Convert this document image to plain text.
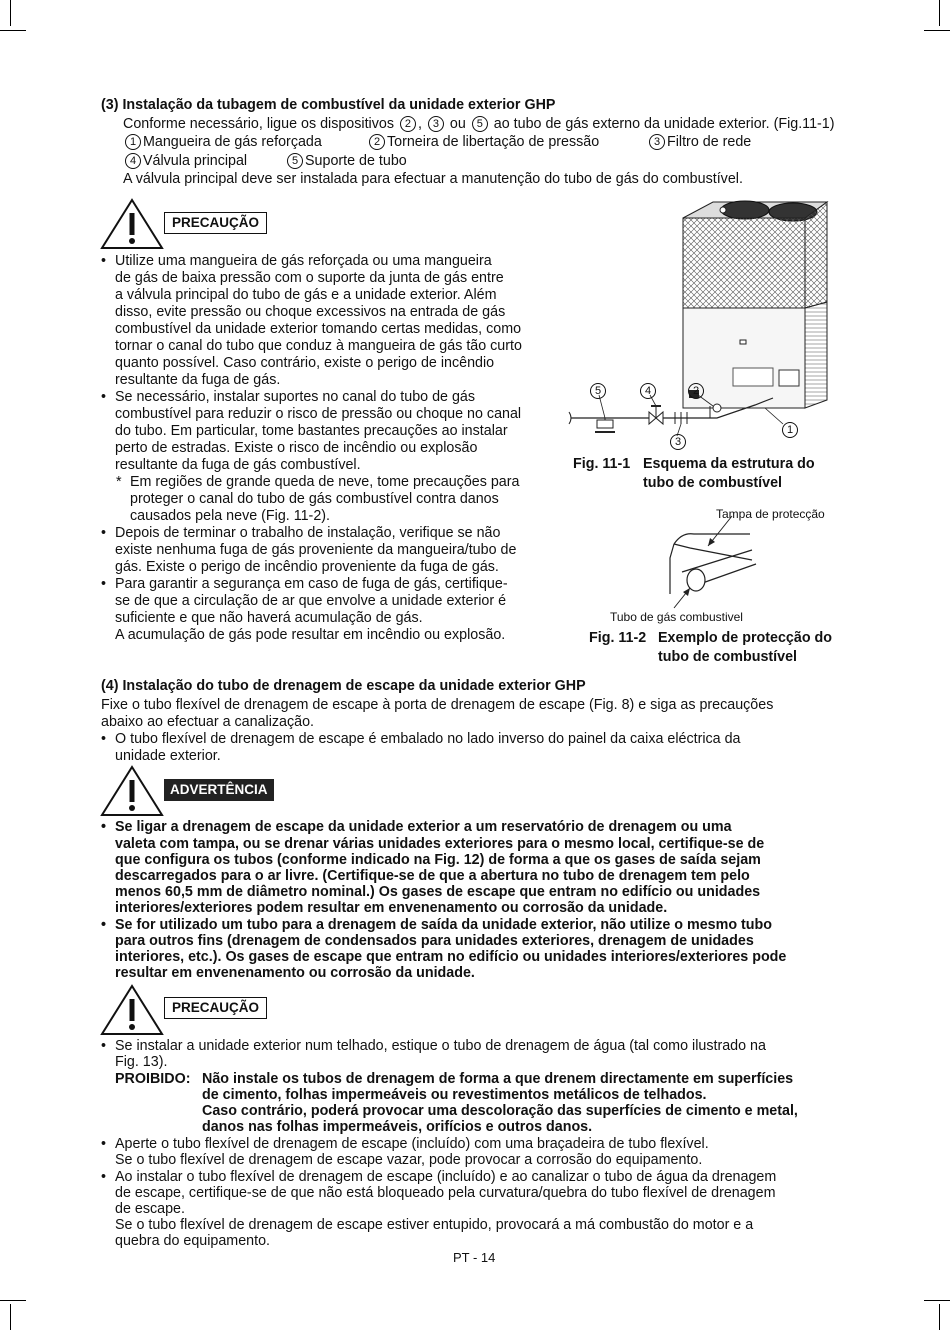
(3) Instalação da tubagem de combustível da unidade exterior GHP
Conforme necessário, ligue os dispositivos 2 , 3 ou 5 ao tubo de gás externo da unidade exterior. (Fig.11-1)
1 Mangueira de gás reforçada	2 Torneira de libertação de pressão	3 Filtro de rede
4 Válvula principal	5 Suporte de tubo
A válvula principal deve ser instalada para efectuar a manutenção do tubo de gás do combustível.
PRECAUÇÃO
• Utilize uma mangueira de gás reforçada ou uma mangueira
de gás de baixa pressão com o suporte da junta de gás entre
a válvula principal do tubo de gás e a unidade exterior. Além
disso, evite pressão ou choque excessivos na entrada de gás
combustível da unidade exterior tomando certas medidas, como
tornar o canal do tubo que conduz à mangueira de gás tão curto
quanto possível. Caso contrário, existe o perigo de incêndio
resultante da fuga de gás.
• Se necessário, instalar suportes no canal do tubo de gás
combustível para reduzir o risco de pressão ou choque no canal
do tubo. Em particular, tome bastantes precauções ao instalar
perto de estradas. Existe o risco de incêndio ou explosão
resultante da fuga de gás combustível.
* Em regiões de grande queda de neve, tome precauções para
proteger o canal do tubo de gás combustível contra danos
causados pela neve (Fig. 11-2).
• Depois de terminar o trabalho de instalação, verifique se não
existe nenhuma fuga de gás proveniente da mangueira/tubo de
gás. Existe o perigo de incêndio proveniente da fuga de gás.
• Para garantir a segurança em caso de fuga de gás, certifique-
se de que a circulação de ar que envolve a unidade exterior é
suficiente e que não haverá acumulação de gás.
A acumulação de gás pode resultar em incêndio ou explosão.
5	4	2
3
1
Fig. 11-1 Esquema da estrutura do
tubo de combustível
Tampa de protecção
Tubo de gás combustivel
Fig. 11-2 Exemplo de protecção do
tubo de combustível
(4) Instalação do tubo de drenagem de escape da unidade exterior GHP
Fixe o tubo flexível de drenagem de escape à porta de drenagem de escape (Fig. 8) e siga as precauções
abaixo ao efectuar a canalização.
• O tubo flexível de drenagem de escape é embalado no lado inverso do painel da caixa eléctrica da
unidade exterior.
ADVERTÊNCIA
• Se ligar a drenagem de escape da unidade exterior a um reservatório de drenagem ou uma
valeta com tampa, ou se drenar várias unidades exteriores para o mesmo local, certifique-se de
que configura os tubos (conforme indicado na Fig. 12) de forma a que os gases de saída sejam
descarregados para o ar livre. (Certifique-se de que a abertura no tubo de drenagem tem pelo
menos 60,5 mm de diâmetro nominal.) Os gases de escape que entram no edifício ou unidades
interiores/exteriores podem resultar em envenenamento ou corrosão da unidade.
• Se for utilizado um tubo para a drenagem de saída da unidade exterior, não utilize o mesmo tubo
para outros fins (drenagem de condensados para unidades exteriores, drenagem de unidades
interiores, etc.). Os gases de escape que entram no edifício ou unidades interiores/exteriores pode
resultar em envenenamento ou corrosão da unidade.
PRECAUÇÃO
• Se instalar a unidade exterior num telhado, estique o tubo de drenagem de água (tal como ilustrado na
Fig. 13).
PROIBIDO: Não instale os tubos de drenagem de forma a que drenem directamente em superfícies
de cimento, folhas impermeáveis ou revestimentos metálicos de telhados.
Caso contrário, poderá provocar uma descoloração das superfícies de cimento e metal,
danos nas folhas impermeáveis, orifícios e outros danos.
• Aperte o tubo flexível de drenagem de escape (incluído) com uma braçadeira de tubo flexível.
Se o tubo flexível de drenagem de escape vazar, pode provocar a corrosão do equipamento.
• Ao instalar o tubo flexível de drenagem de escape (incluído) e ao canalizar o tubo de água da drenagem
de escape, certifique-se de que não está bloqueado pela curvatura/quebra do tubo flexível de drenagem
de escape.
Se o tubo flexível de drenagem de escape estiver entupido, provocará a má combustão do motor e a
quebra do equipamento.
PT - 14
